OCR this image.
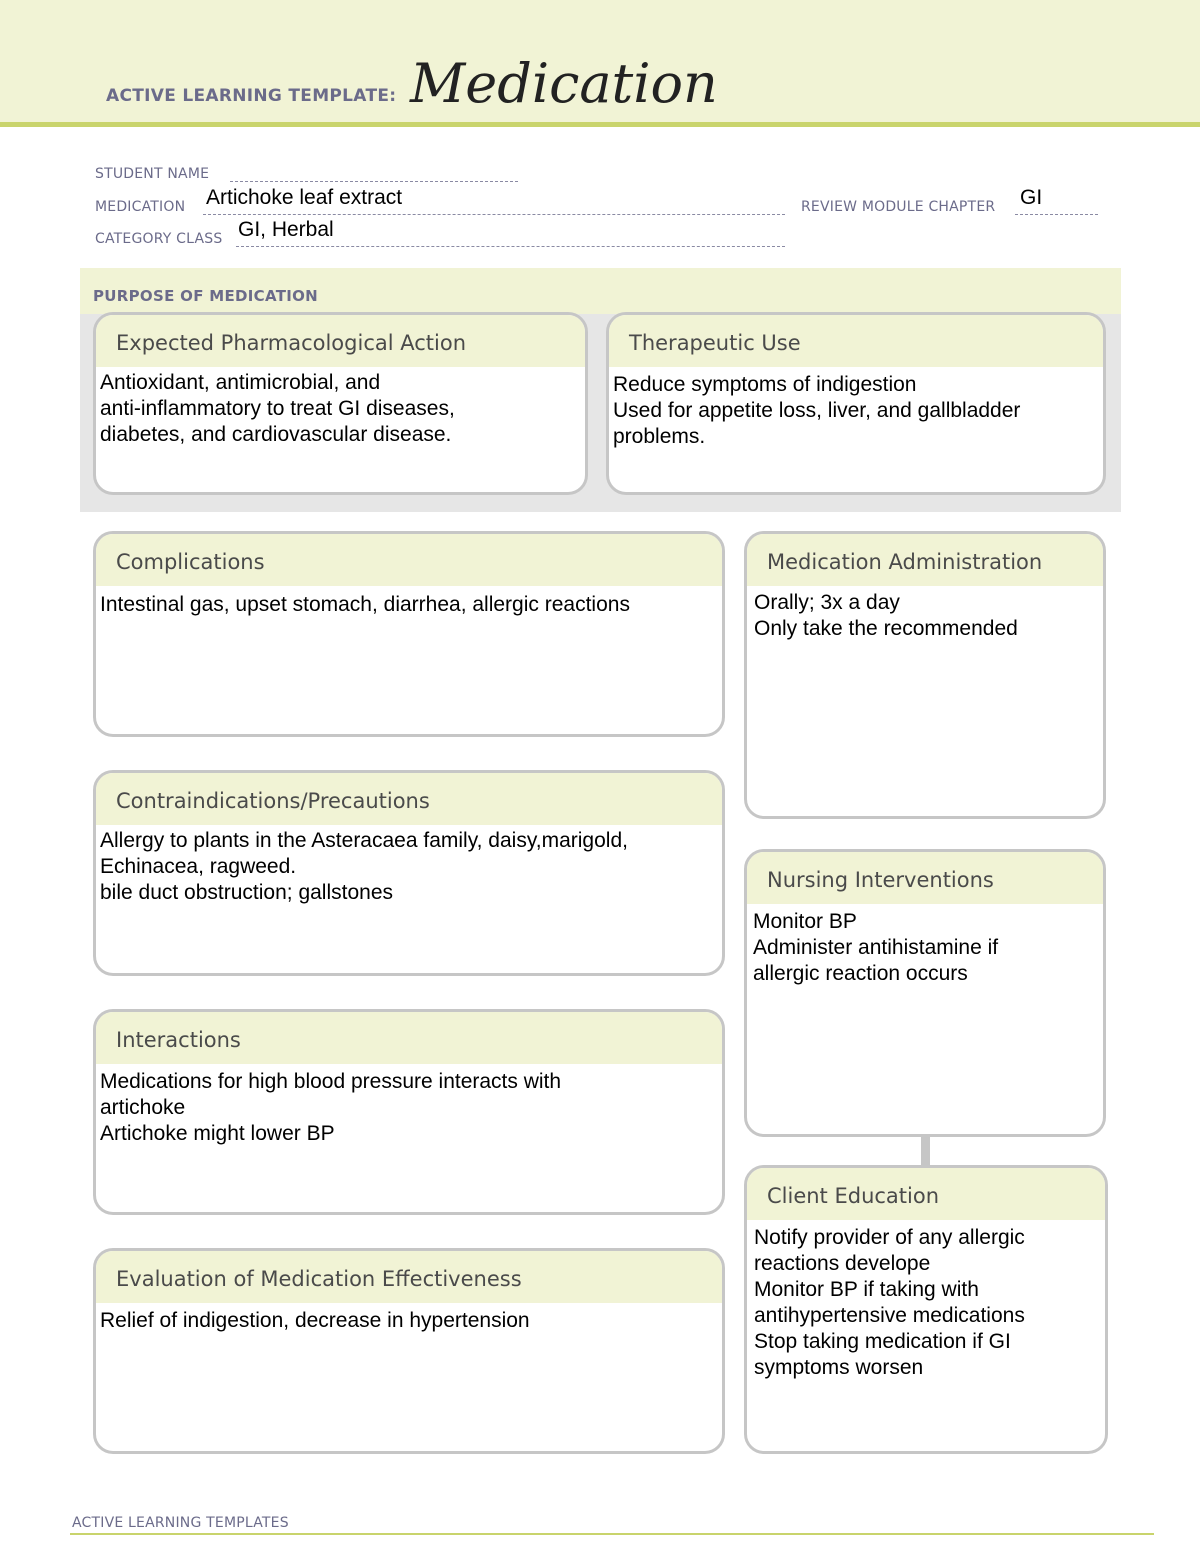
ACTIVE LEARNING TEMPLATE: Medication
STUDENT NAME
MEDICATION Artichoke leaf extract	REVIEW MODULE CHAPTER GI
CATEGORY CLASS GI, Herbal
PURPOSE OF MEDICATION
Expected Pharmacological Action
Antioxidant, antimicrobial, and
anti-inflammatory to treat GI diseases,
diabetes, and cardiovascular disease.
Therapeutic Use
Reduce symptoms of indigestion
Used for appetite loss, liver, and gallbladder
problems.
Complications
Intestinal gas, upset stomach, diarrhea, allergic reactions
Contraindications/Precautions
Allergy to plants in the Asteracaea family, daisy,marigold,
Echinacea, ragweed.
bile duct obstruction; gallstones
Interactions
Medications for high blood pressure interacts with
artichoke
Artichoke might lower BP
Evaluation of Medication Effectiveness
Relief of indigestion, decrease in hypertension
Medication Administration
Orally; 3x a day
Only take the recommended
Nursing Interventions
Monitor BP
Administer antihistamine if
allergic reaction occurs
Client Education
Notify provider of any allergic
reactions develope
Monitor BP if taking with
antihypertensive medications
Stop taking medication if GI
symptoms worsen
ACTIVE LEARNING TEMPLATES
